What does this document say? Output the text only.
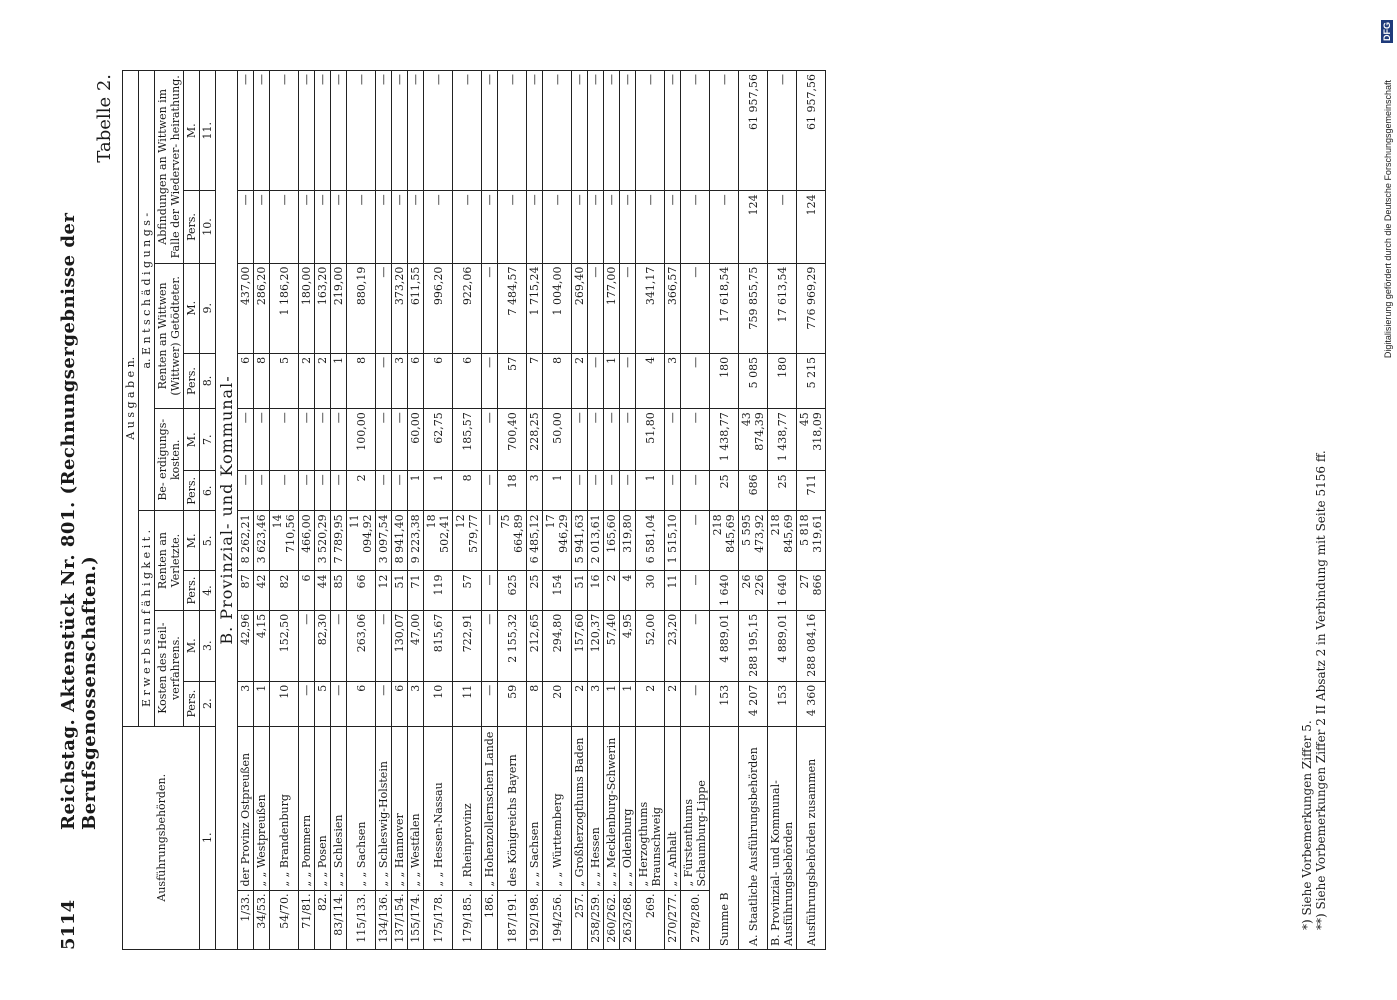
DFG
Digitalisierung gefördert durch die Deutsche Forschungsgemeinschaft
5114
Reichstag. Aktenstück Nr. 801. (Rechnungsergebnisse der Berufsgenossenschaften.)
Tabelle 2.
Ausführungsbehörden.		A u s g a b e n.									
		E r w e r b s u n f ä h i g k e i t .				a. E n t s c h ä d i g u n g s -					
		Kosten des Heil- verfahrens.		Renten an Verletzte.		Be- erdigungs- kosten.		Renten an Wittwen (Wittwer) Getödteter.		Abfindungen an Wittwen im Falle der Wiederver- heirathung.	
		Pers.	M.	Pers.	M.	Pers.	M.	Pers.	M.	Pers.	M.
1.		2.	3.	4.	5.	6.	7.	8.	9.	10.	11.
B. Provinzial- und Kommunal-											
1/33.	der Provinz Ostpreußen	3	42,96	87	8 262,21	—	—	6	437,00	—	—
34/53.	„ „ Westpreußen	1	4,15	42	3 623,46	—	—	8	286,20	—	—
54/70.	„ „ Brandenburg	10	152,50	82	14 710,56	—	—	5	1 186,20	—	—
71/81.	„ „ Pommern	—	—	6	466,00	—	—	2	180,00	—	—
82.	„ „ Posen	5	82,30	44	3 520,29	—	—	2	163,20	—	—
83/114.	„ „ Schlesien	—	—	85	7 789,95	—	—	1	219,00	—	—
115/133.	„ „ Sachsen	6	263,06	66	11 094,92	2	100,00	8	880,19	—	—
134/136.	„ „ Schleswig-Holstein	—	—	12	3 097,54	—	—	—	—	—	—
137/154.	„ „ Hannover	6	130,07	51	8 941,40	—	—	3	373,20	—	—
155/174.	„ „ Westfalen	3	47,00	71	9 223,38	1	60,00	6	611,55	—	—
175/178.	„ „ Hessen-Nassau	10	815,67	119	18 502,41	1	62,75	6	996,20	—	—
179/185.	„ Rheinprovinz	11	722,91	57	12 579,77	8	185,57	6	922,06	—	—
186.	„ Hohenzollernschen Lande	—	—	—	—	—	—	—	—	—	—
187/191.	des Königreichs Bayern	59	2 155,32	625	75 664,89	18	700,40	57	7 484,57	—	—
192/198.	„ „ Sachsen	8	212,65	25	6 485,12	3	228,25	7	1 715,24	—	—
194/256.	„ „ Württemberg	20	294,80	154	17 946,29	1	50,00	8	1 004,00	—	—
257.	„ Großherzogthums Baden	2	157,60	51	5 941,63	—	—	2	269,40	—	—
258/259.	„ „ Hessen	3	120,37	16	2 013,61	—	—	—	—	—	—
260/262.	„ „ Mecklenburg-Schwerin	1	57,40	2	165,60	—	—	1	177,00	—	—
263/268.	„ „ Oldenburg	1	4,95	4	319,80	—	—	—	—	—	—
269.	„ Herzogthums Braunschweig	2	52,00	30	6 581,04	1	51,80	4	341,17	—	—
270/277.	„ „ Anhalt	2	23,20	11	1 515,10	—	—	3	366,57	—	—
278/280.	„ Fürstenthums Schaumburg-Lippe	—	—	—	—	—	—	—	—	—	—
Summe B		153	4 889,01	1 640	218 845,69	25	1 438,77	180	17 618,54	—	—
A. Staatliche Ausführungsbehörden		4 207	288 195,15	26 226	5 595 473,92	686	43 874,39	5 085	759 855,75	124	61 957,56
B. Provinzial- und Kommunal-Ausführungsbehörden		153	4 889,01	1 640	218 845,69	25	1 438,77	180	17 613,54	—	—
Ausführungsbehörden zusammen		4 360	288 084,16	27 866	5 818 319,61	711	45 318,09	5 215	776 969,29	124	61 957,56
*) Siehe Vorbemerkungen Ziffer 5. **) Siehe Vorbemerkungen Ziffer 2 II Absatz 2 in Verbindung mit Seite 5156 ff.
